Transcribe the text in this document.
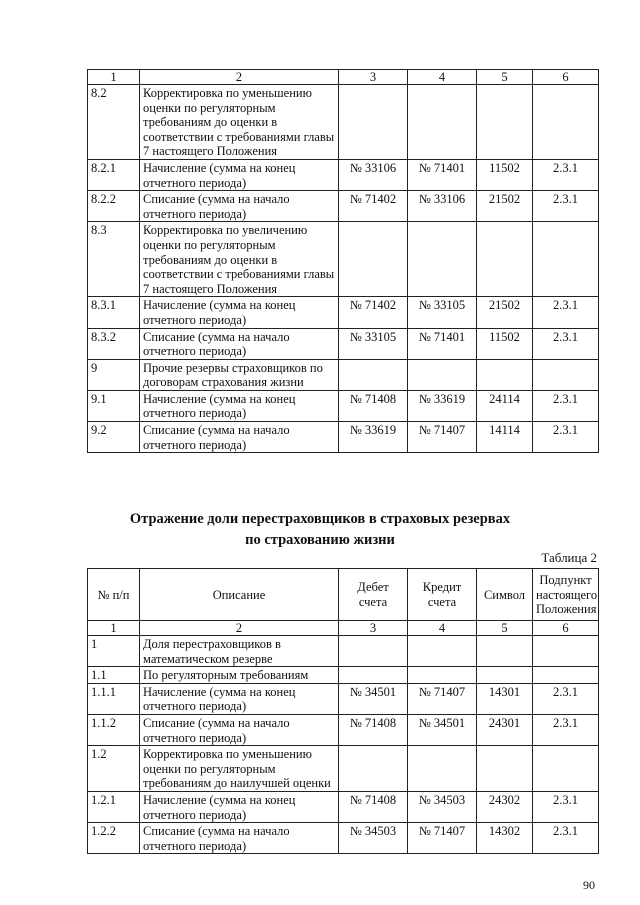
1	2	3	4	5	6
8.2	Корректировка по уменьшению оценки по регуляторным требованиям до оценки в соответствии с требованиями главы 7 настоящего Положения				
8.2.1	Начисление (сумма на конец отчетного периода)	№ 33106	№ 71401	11502	2.3.1
8.2.2	Списание (сумма на начало отчетного периода)	№ 71402	№ 33106	21502	2.3.1
8.3	Корректировка по увеличению оценки по регуляторным требованиям до оценки в соответствии с требованиями главы 7 настоящего Положения				
8.3.1	Начисление (сумма на конец отчетного периода)	№ 71402	№ 33105	21502	2.3.1
8.3.2	Списание (сумма на начало отчетного периода)	№ 33105	№ 71401	11502	2.3.1
9	Прочие резервы страховщиков по договорам страхования жизни				
9.1	Начисление (сумма на конец отчетного периода)	№ 71408	№ 33619	24114	2.3.1
9.2	Списание (сумма на начало отчетного периода)	№ 33619	№ 71407	14114	2.3.1
Отражение доли перестраховщиков в страховых резервах
по страхованию жизни
Таблица 2
№ п/п	Описание	Дебет счета	Кредит счета	Символ	Подпункт настоящего Положения
1	2	3	4	5	6
1	Доля перестраховщиков в математическом резерве				
1.1	По регуляторным требованиям				
1.1.1	Начисление (сумма на конец отчетного периода)	№ 34501	№ 71407	14301	2.3.1
1.1.2	Списание (сумма на начало отчетного периода)	№ 71408	№ 34501	24301	2.3.1
1.2	Корректировка по уменьшению оценки по регуляторным требованиям до наилучшей оценки				
1.2.1	Начисление (сумма на конец отчетного периода)	№ 71408	№ 34503	24302	2.3.1
1.2.2	Списание (сумма на начало отчетного периода)	№ 34503	№ 71407	14302	2.3.1
90
